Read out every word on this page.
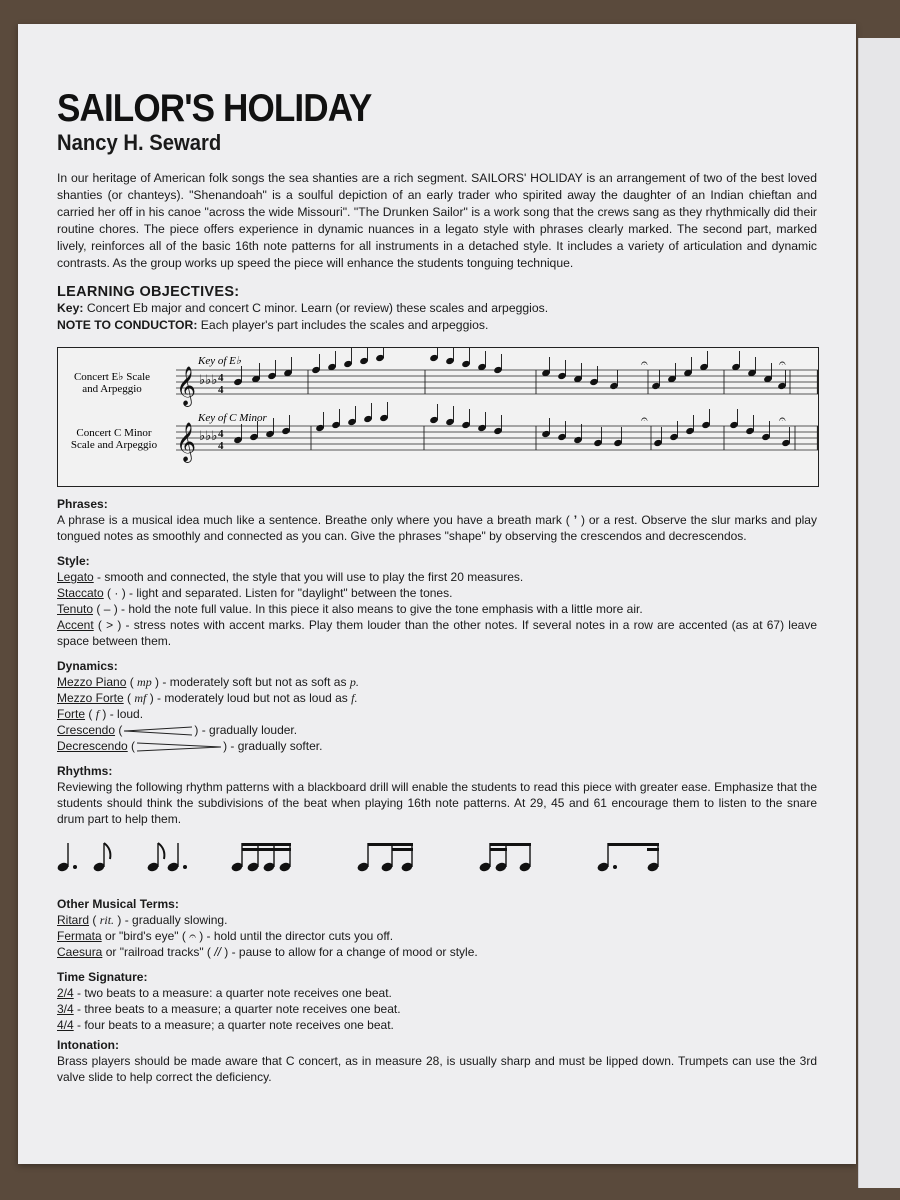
SAILOR'S HOLIDAY
Nancy H. Seward

In our heritage of American folk songs the sea shanties are a rich segment. SAILORS' HOLIDAY is an arrangement of two of the best loved shanties (or chanteys). "Shenandoah" is a soulful depiction of an early trader who spirited away the daughter of an Indian chieftan and carried her off in his canoe "across the wide Missouri". "The Drunken Sailor" is a work song that the crews sang as they rhythmically did their routine chores. The piece offers experience in dynamic nuances in a legato style with phrases clearly marked. The second part, marked lively, reinforces all of the basic 16th note patterns for all instruments in a detached style. It includes a variety of articulation and dynamic contrasts. As the group works up speed the piece will enhance the students tonguing technique.

LEARNING OBJECTIVES:
Key: Concert Eb major and concert C minor. Learn (or review) these scales and arpeggios.
NOTE TO CONDUCTOR: Each player's part includes the scales and arpeggios.
𝄞 ♭♭♭ 4
4
𝄐	𝄐
𝄞 ♭♭♭ 4
4
𝄐	𝄐
Concert E♭ Scale
and Arpeggio
Key of E♭
Concert C Minor
Scale and Arpeggio
Key of C Minor
Phrases:
A phrase is a musical idea much like a sentence. Breathe only where you have a breath mark ( ʼ ) or a rest. Observe the slur marks and play tongued notes as smoothly and connected as you can. Give the phrases "shape" by observing the crescendos and decrescendos.
Style:
Legato - smooth and connected, the style that you will use to play the first 20 measures.
Staccato ( · ) - light and separated. Listen for "daylight" between the tones.
Tenuto ( – ) - hold the note full value. In this piece it also means to give the tone emphasis with a little more air.
Accent ( > ) - stress notes with accent marks. Play them louder than the other notes. If several notes in a row are accented (as at 67) leave space between them.
Dynamics:
Mezzo Piano ( mp ) - moderately soft but not as soft as p.
Mezzo Forte ( mf ) - moderately loud but not as loud as f.
Forte ( f ) - loud.
Crescendo (	) - gradually louder.
Decrescendo (	) - gradually softer.
Rhythms:
Reviewing the following rhythm patterns with a blackboard drill will enable the students to read this piece with greater ease. Emphasize that the students should think the subdivisions of the beat when playing 16th note patterns. At 29, 45 and 61 encourage them to listen to the snare drum part to help them.
Other Musical Terms:
Ritard ( rit. ) - gradually slowing.
Fermata or "bird's eye" ( 𝄐 ) - hold until the director cuts you off.
Caesura or "railroad tracks" ( // ) - pause to allow for a change of mood or style.
Time Signature:
2/4 - two beats to a measure: a quarter note receives one beat.
3/4 - three beats to a measure; a quarter note receives one beat.
4/4 - four beats to a measure; a quarter note receives one beat.
Intonation:
Brass players should be made aware that C concert, as in measure 28, is usually sharp and must be lipped down. Trumpets can use the 3rd valve slide to help correct the deficiency.
